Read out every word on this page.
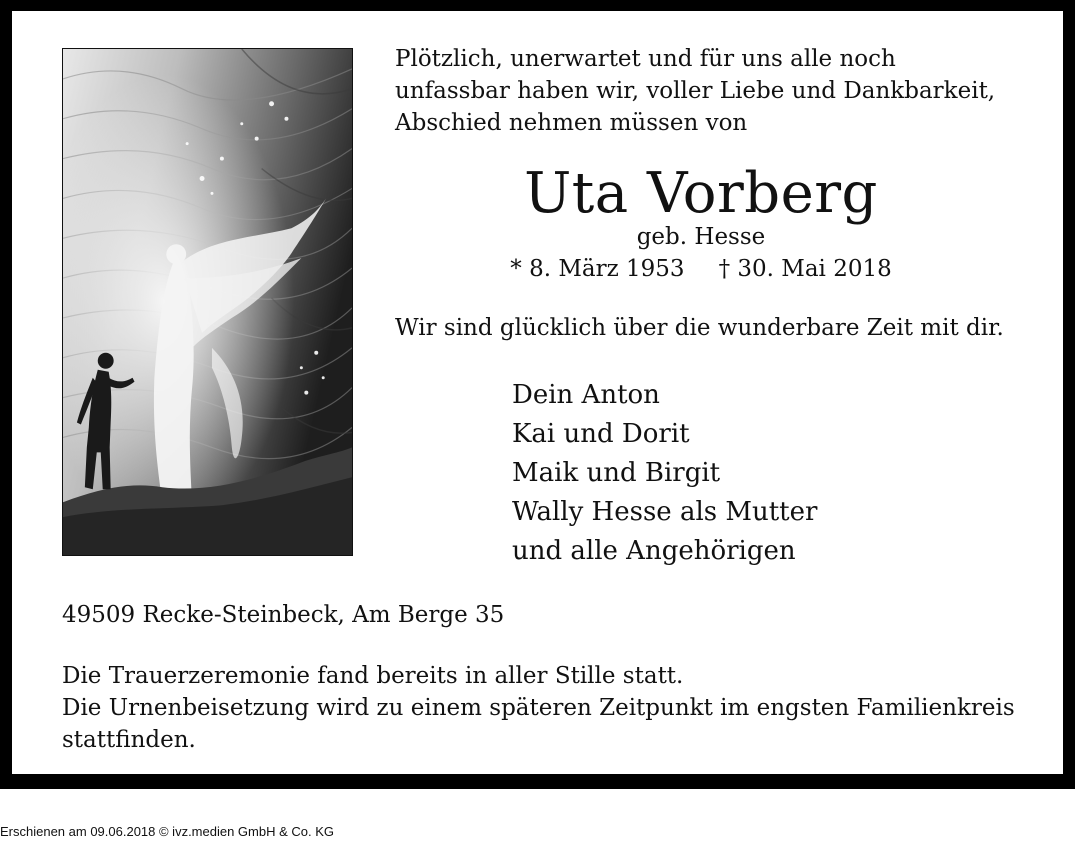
Plötzlich, unerwartet und für uns alle noch
unfassbar haben wir, voller Liebe und Dankbarkeit,
Abschied nehmen müssen von
Uta Vorberg
geb. Hesse
* 8. März 1953 † 30. Mai 2018
Wir sind glücklich über die wunderbare Zeit mit dir.
Dein Anton
Kai und Dorit
Maik und Birgit
Wally Hesse als Mutter
und alle Angehörigen
49509 Recke-Steinbeck, Am Berge 35
Die Trauerzeremonie fand bereits in aller Stille statt.
Die Urnenbeisetzung wird zu einem späteren Zeitpunkt im engsten Familienkreis
stattfinden.
Erschienen am 09.06.2018 © ivz.medien GmbH & Co. KG
